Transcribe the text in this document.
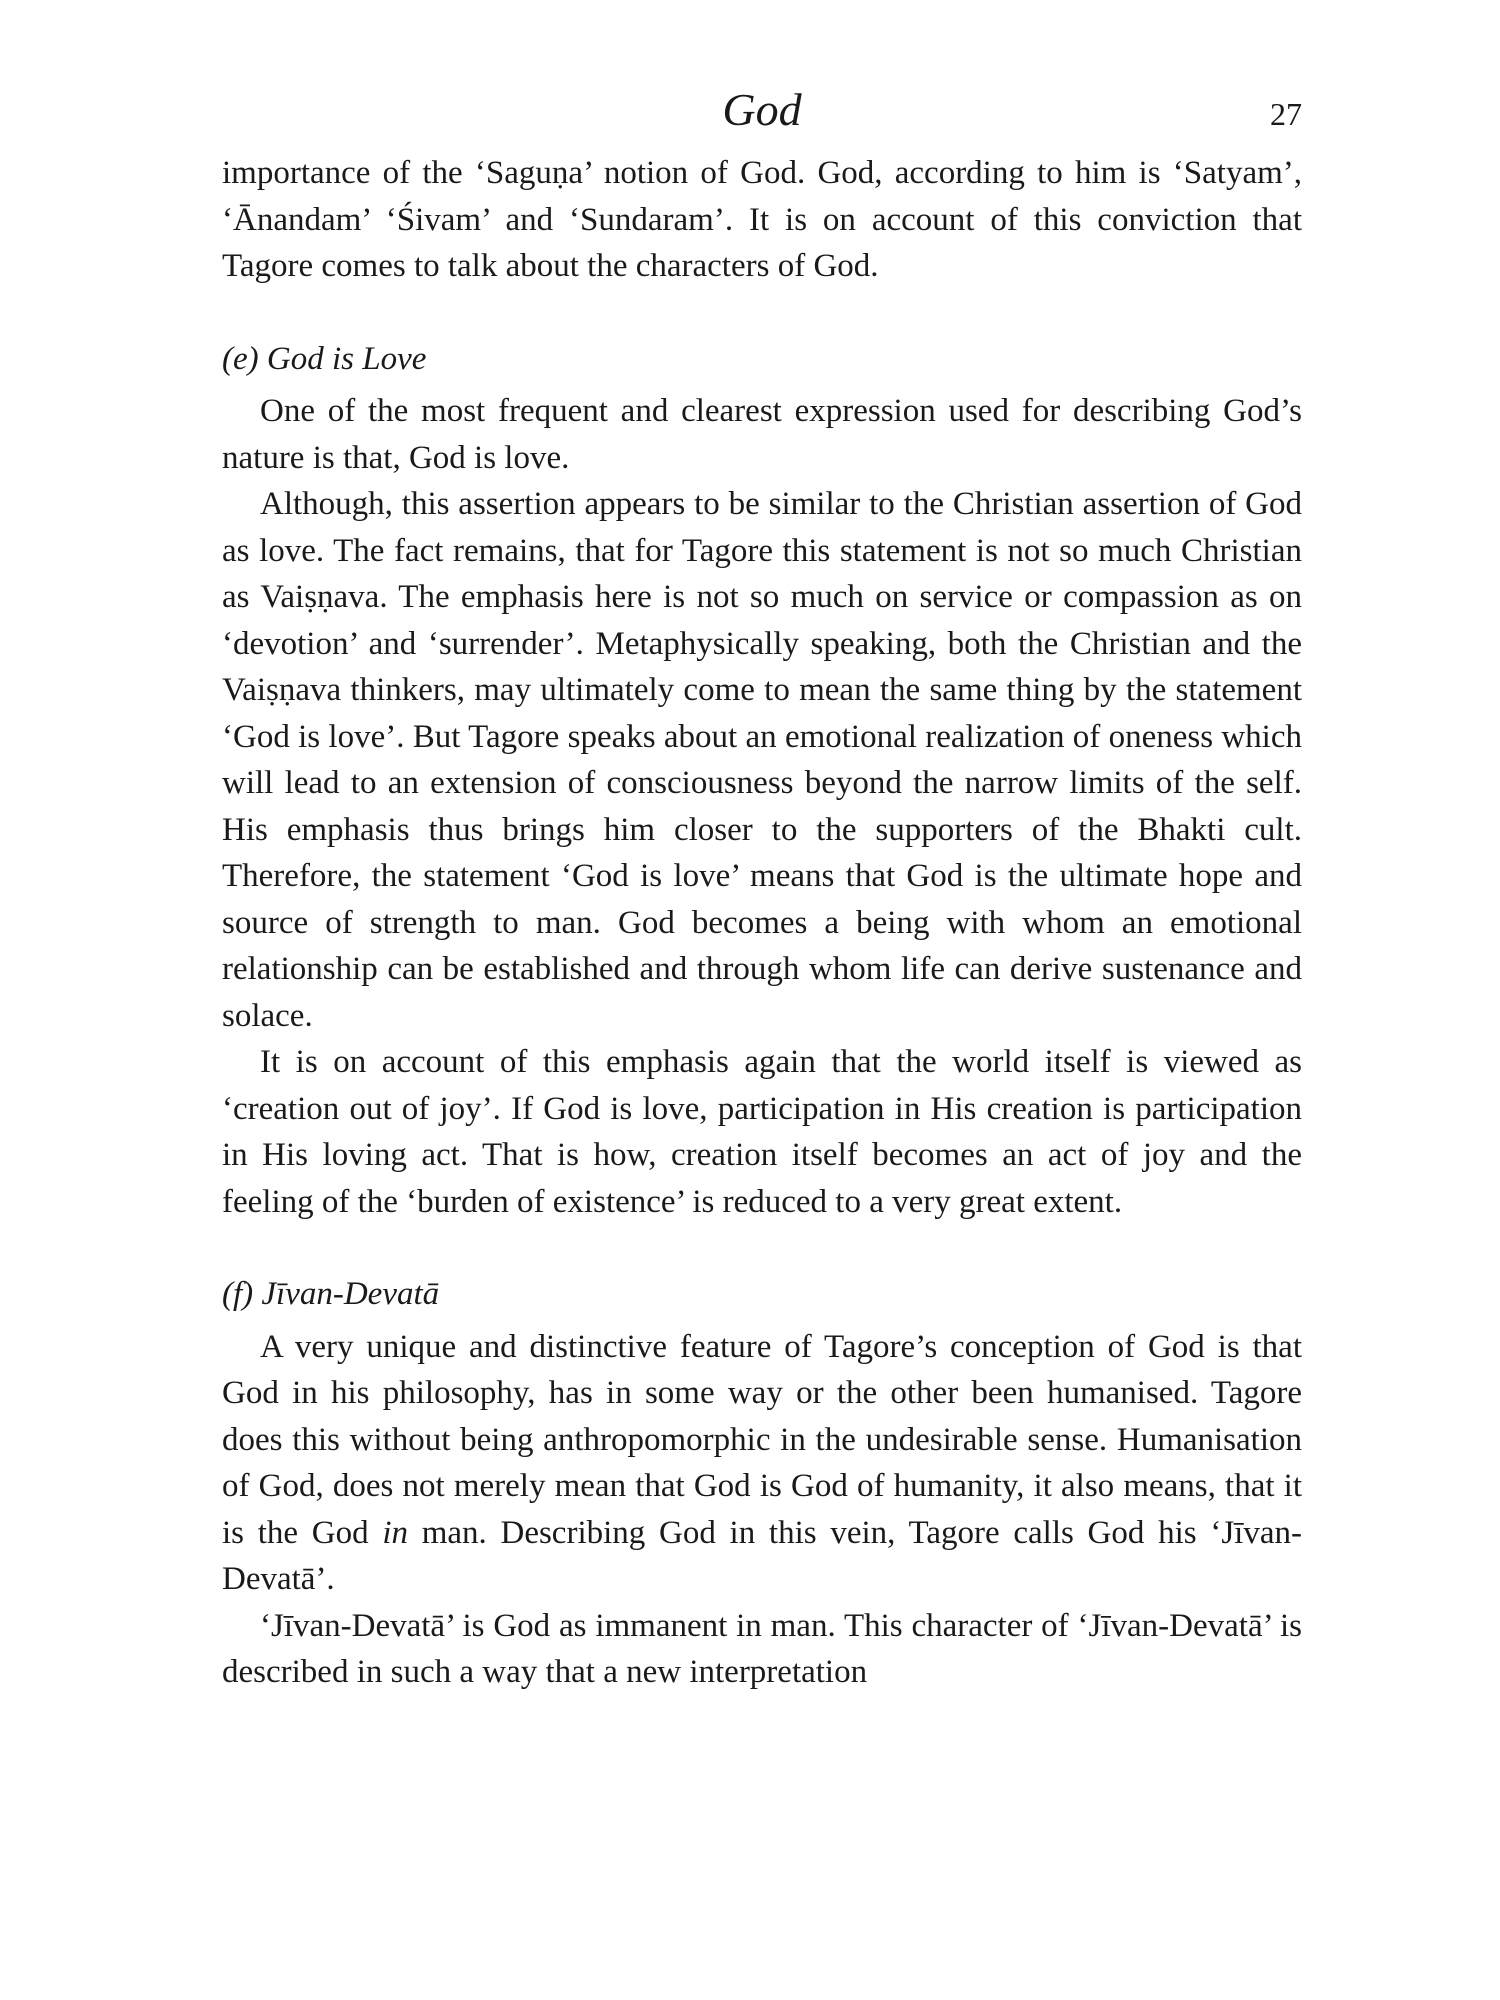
God	27

importance of the ‘Saguṇa’ notion of God. God, according to him is ‘Satyam’, ‘Ānandam’ ‘Śivam’ and ‘Sundaram’. It is on account of this conviction that Tagore comes to talk about the characters of God.

(e) God is Love

One of the most frequent and clearest expression used for describing God’s nature is that, God is love.

Although, this assertion appears to be similar to the Christian assertion of God as love. The fact remains, that for Tagore this statement is not so much Christian as Vaiṣṇava. The emphasis here is not so much on service or compassion as on ‘devotion’ and ‘surrender’. Metaphysically speaking, both the Christian and the Vaiṣṇava thinkers, may ultimately come to mean the same thing by the statement ‘God is love’. But Tagore speaks about an emotional realization of oneness which will lead to an extension of consciousness beyond the narrow limits of the self. His emphasis thus brings him closer to the supporters of the Bhakti cult. Therefore, the statement ‘God is love’ means that God is the ultimate hope and source of strength to man. God becomes a being with whom an emotional relationship can be established and through whom life can derive sustenance and solace.

It is on account of this emphasis again that the world itself is viewed as ‘creation out of joy’. If God is love, participation in His creation is participation in His loving act. That is how, creation itself becomes an act of joy and the feeling of the ‘burden of existence’ is reduced to a very great extent.

(f) Jīvan-Devatā

A very unique and distinctive feature of Tagore’s conception of God is that God in his philosophy, has in some way or the other been humanised. Tagore does this without being anthropomorphic in the undesirable sense. Humanisation of God, does not merely mean that God is God of humanity, it also means, that it is the God in man. Describing God in this vein, Tagore calls God his ‘Jīvan-Devatā’.

‘Jīvan-Devatā’ is God as immanent in man. This character of ‘Jīvan-Devatā’ is described in such a way that a new interpretation
